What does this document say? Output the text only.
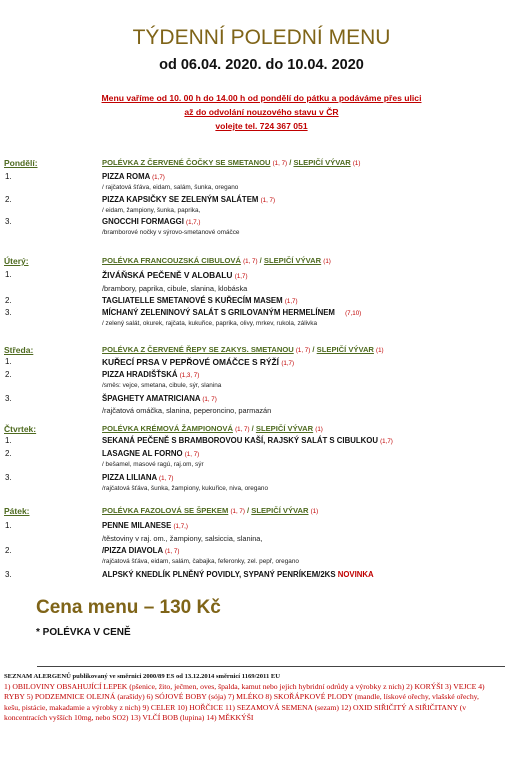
TÝDENNÍ POLEDNÍ MENU
od 06.04. 2020. do 10.04. 2020
Menu vaříme od 10. 00 h do 14.00 h od pondělí do pátku a podáváme přes ulici
až do odvolání nouzového stavu v ČR
volejte tel. 724 367 051
Pondělí:	POLÉVKA Z ČERVENÉ ČOČKY SE SMETANOU (1, 7) / SLEPIČÍ VÝVAR (1)
1.	PIZZA ROMA (1,7)
/ rajčatová šťáva, eidam, salám, šunka, oregano
2.	PIZZA KAPSIČKY SE ZELENÝM SALÁTEM (1, 7)
/ eidam, žampiony, šunka, paprika,
3.	GNOCCHI FORMAGGI (1,7,)
/bramborové nočky v sýrovo-smetanové omáčce
Úterý:	POLÉVKA FRANCOUZSKÁ CIBULOVÁ (1, 7) / SLEPIČÍ VÝVAR (1)
1.	ŽIVÁŇSKÁ PEČENĚ V ALOBALU (1,7)
/brambory, paprika, cibule, slanina, klobáska
2.	TAGLIATELLE SMETANOVÉ S KUŘECÍM MASEM (1,7)
3.	MÍCHANÝ ZELENINOVÝ SALÁT S GRILOVANÝM HERMELÍNEM (7,10)
/ zelený salát, okurek, rajčata, kukuřice, paprika, olivy, mrkev, rukola, zálivka
Středa:	POLÉVKA Z ČERVENÉ ŘEPY SE ZAKYS. SMETANOU (1, 7) / SLEPIČÍ VÝVAR (1)
1.	KUŘECÍ PRSA V PEPŘOVÉ OMÁČCE S RÝŽÍ (1,7)
2.	PIZZA HRADIŠŤSKÁ (1,3, 7)
/směs: vejce, smetana, cibule, sýr, slanina
3.	ŠPAGHETY AMATRICIANA (1, 7)
/rajčatová omáčka, slanina, peperoncino, parmazán
Čtvrtek:	POLÉVKA KRÉMOVÁ ŽAMPIONOVÁ (1, 7) / SLEPIČÍ VÝVAR (1)
1.	SEKANÁ PEČENĚ S BRAMBOROVOU KAŠÍ, RAJSKÝ SALÁT S CIBULKOU (1,7)
2.	LASAGNE AL FORNO (1, 7)
/ bešamel, masové ragú, raj.om, sýr
3.	PIZZA LILIANA (1, 7)
/rajčatová šťáva, šunka, žampiony, kukuřice, niva, oregano
Pátek:	POLÉVKA FAZOLOVÁ SE ŠPEKEM (1, 7) / SLEPIČÍ VÝVAR (1)
1.	PENNE MILANESE (1,7,)
/těstoviny v raj. om., žampiony, salsiccia, slanina,
2.	/PIZZA DIAVOLA (1, 7)
/rajčatová šťáva, eidam, salám, čabajka, feferonky, zel. pepř, oregano
3.	ALPSKÝ KNEDLÍK PLNĚNÝ POVIDLY, SYPANÝ PENRÍKEM/2KS NOVINKA
Cena menu – 130 Kč
* POLÉVKA V CENĚ
SEZNAM ALERGENŮ publikovaný ve směrnici 2000/89 ES od 13.12.2014 směrnicí 1169/2011 EU
1) OBILOVINY OBSAHUJÍCÍ LEPEK (pšenice, žito, ječmen, oves, špalda, kamut nebo jejich hybridní odrůdy a výrobky z nich) 2) KORÝŠI 3) VEJCE 4) RYBY 5) PODZEMNICE OLEJNÁ (arašídy) 6) SÓJOVÉ BOBY (sója) 7) MLÉKO 8) SKOŘÁPKOVÉ PLODY (mandle, lískové ořechy, vlašské ořechy, kešu, pistácie, makadamie a výrobky z nich) 9) CELER 10) HOŘČICE 11) SEZAMOVÁ SEMENA (sezam) 12) OXID SIŘIČITÝ A SIŘIČITANY (v koncentracích vyšších 10mg, nebo SO2) 13) VLČÍ BOB (lupina) 14) MĚKKÝŠI
